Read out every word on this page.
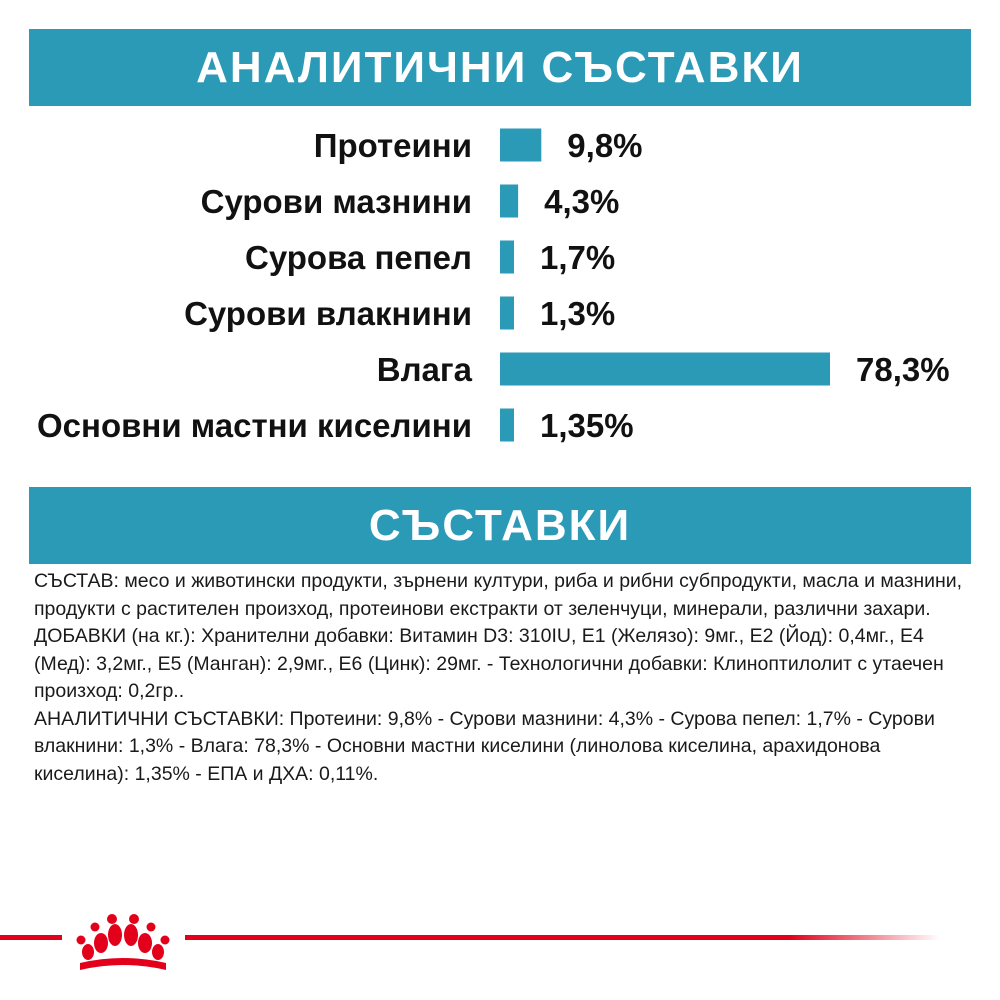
АНАЛИТИЧНИ СЪСТАВКИ
Протеини	9,8%
Сурови мазнини 4,3%
Сурова пепел 1,7%
Сурови влакнини 1,3%
Влага	78,3%
Основни мастни киселини 1,35%
СЪСТАВКИ

СЪСТАВ: месо и животински продукти, зърнени култури, риба и рибни субпродукти, масла и мазнини, продукти с растителен произход, протеинови екстракти от зеленчуци, минерали, различни захари.

ДОБАВКИ (на кг.): Хранителни добавки: Витамин D3: 310IU, E1 (Желязо): 9мг., E2 (Йод): 0,4мг., E4 (Мед): 3,2мг., E5 (Манган): 2,9мг., E6 (Цинк): 29мг. - Технологични добавки: Клиноптилолит с утаечен произход: 0,2гр..

АНАЛИТИЧНИ СЪСТАВКИ: Протеини: 9,8% - Сурови мазнини: 4,3% - Сурова пепел: 1,7% - Сурови влакнини: 1,3% - Влага: 78,3% - Основни мастни киселини (линолова киселина, арахидонова киселина): 1,35% - ЕПА и ДХА: 0,11%.
